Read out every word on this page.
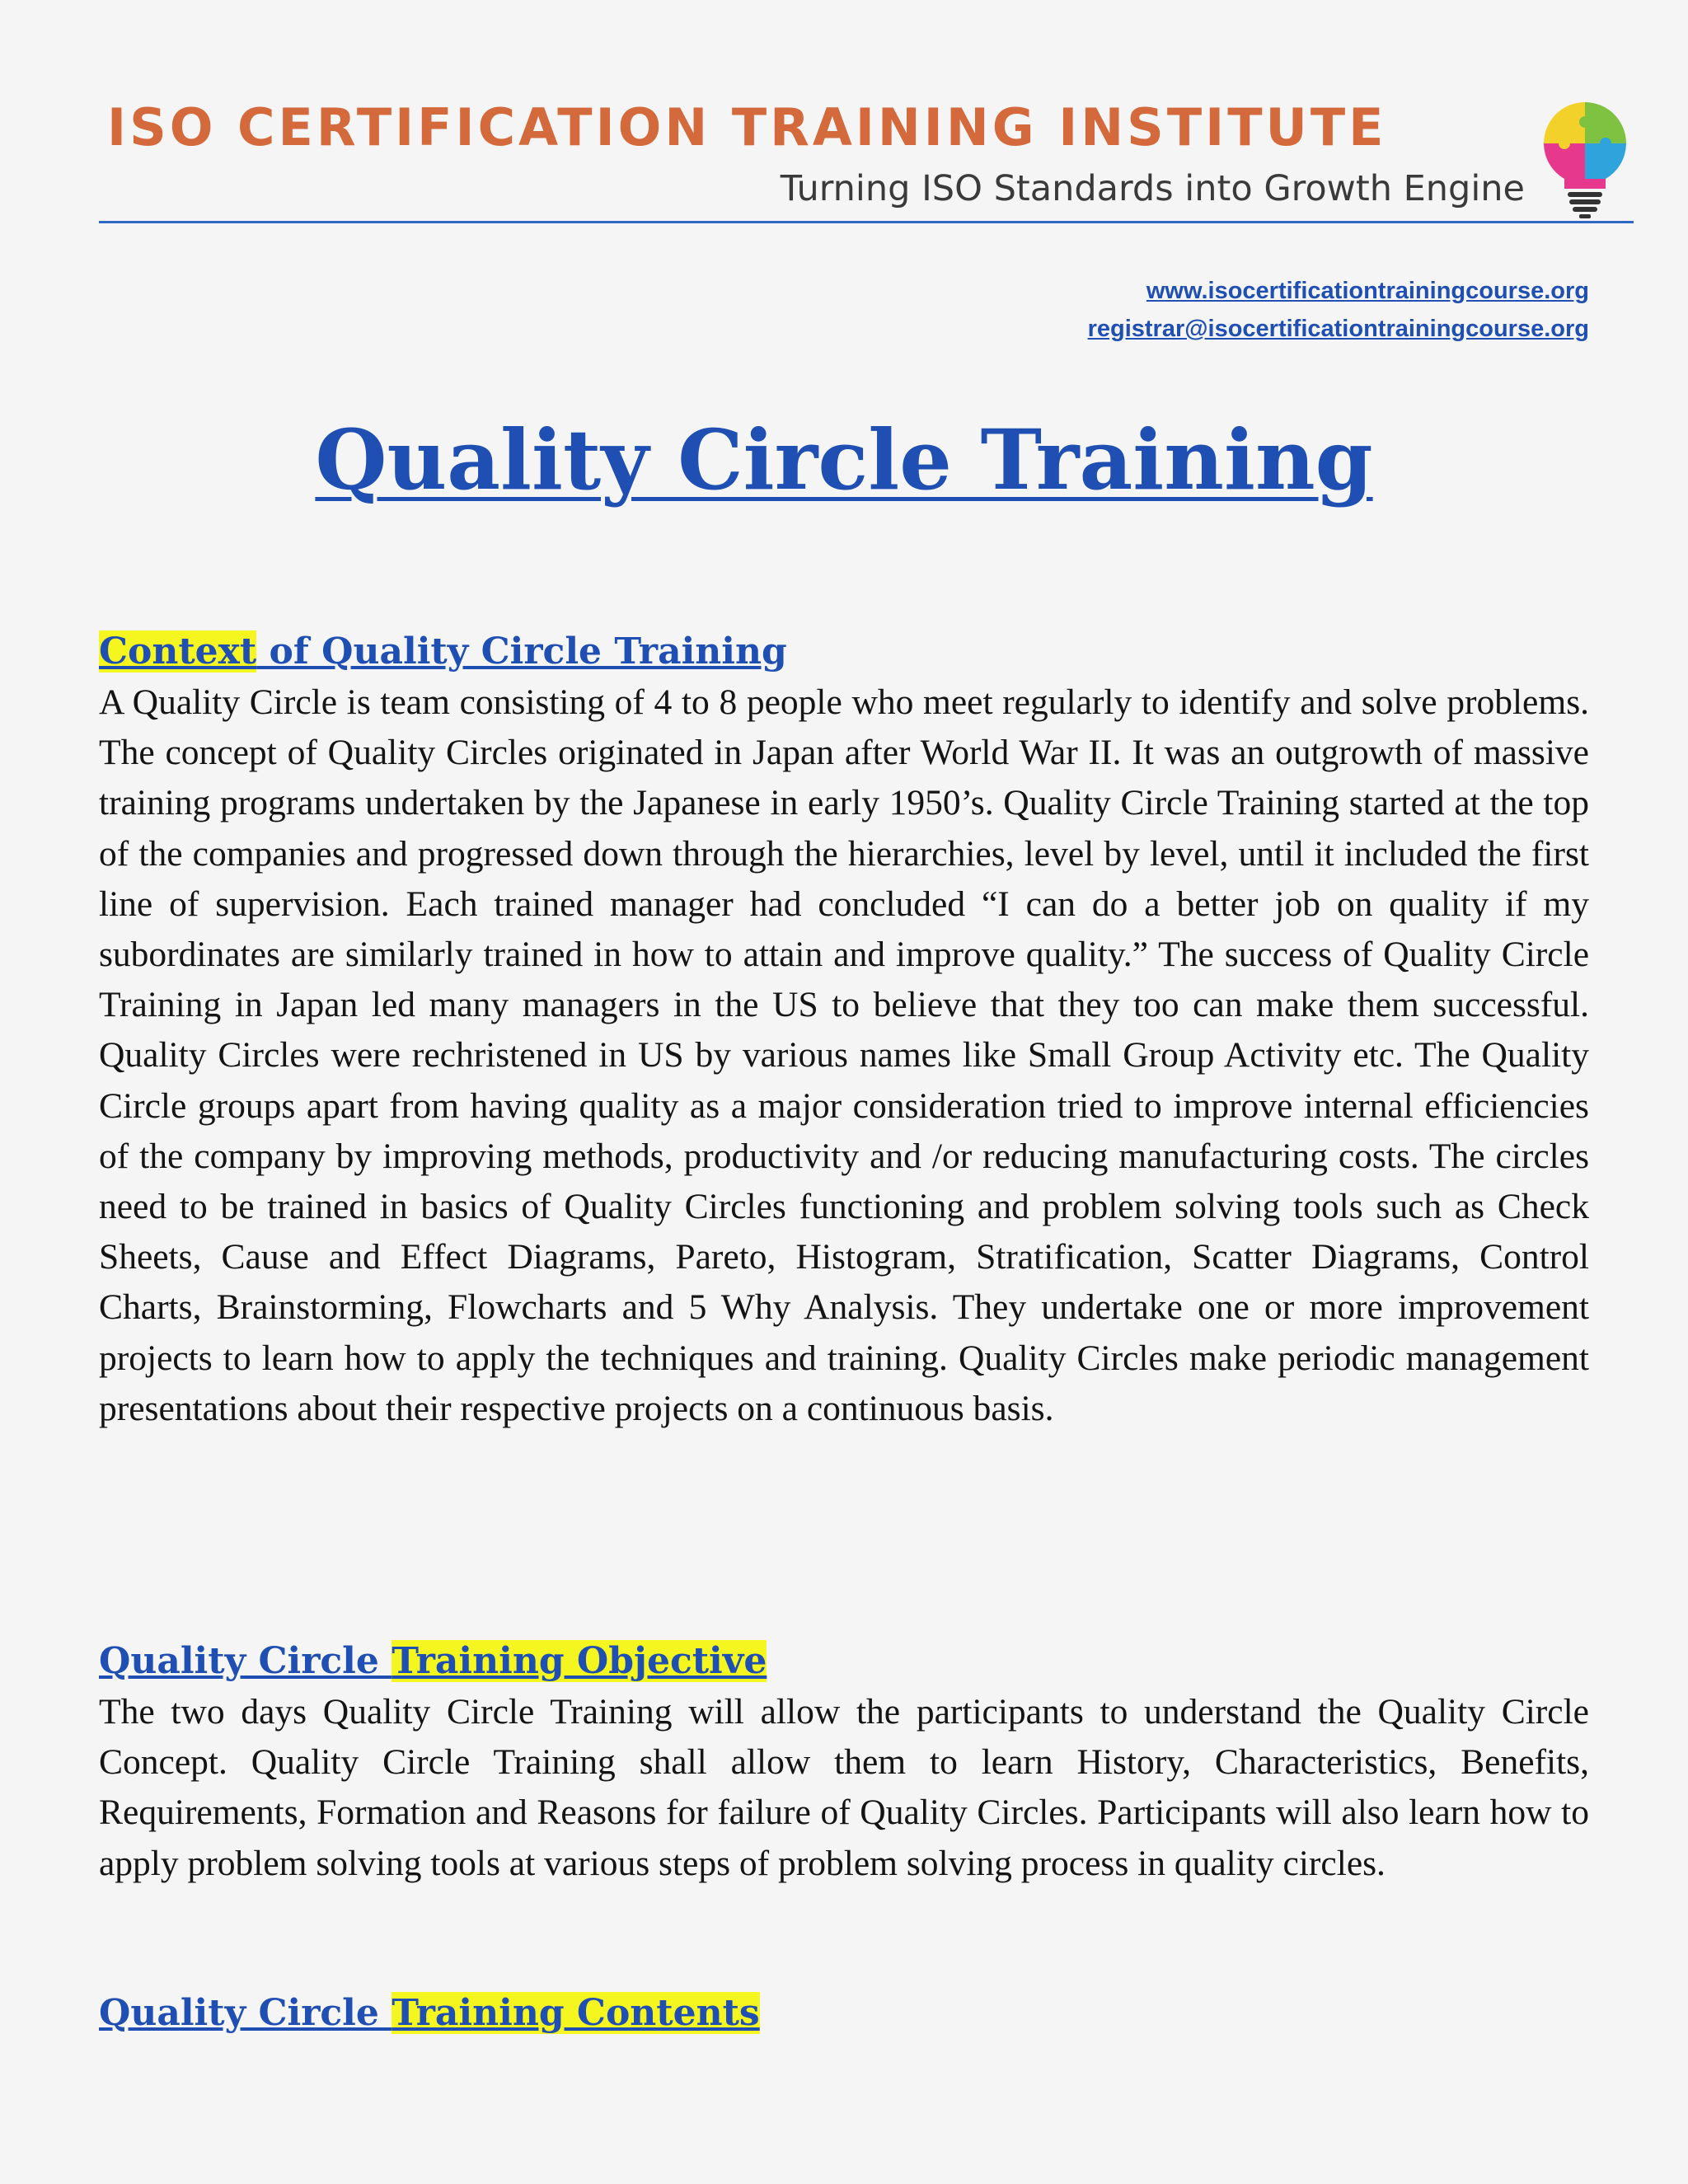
ISO CERTIFICATION TRAINING INSTITUTE
Turning ISO Standards into Growth Engine
www.isocertificationtrainingcourse.org
registrar@isocertificationtrainingcourse.org
Quality Circle Training
Context of Quality Circle Training

A Quality Circle is team consisting of 4 to 8 people who meet regularly to identify and solve problems. The concept of Quality Circles originated in Japan after World War II. It was an outgrowth of massive training programs undertaken by the Japanese in early 1950’s. Quality Circle Training started at the top of the companies and progressed down through the hierarchies, level by level, until it included the first line of supervision. Each trained manager had concluded “I can do a better job on quality if my subordinates are similarly trained in how to attain and improve quality.” The success of Quality Circle Training in Japan led many managers in the US to believe that they too can make them successful. Quality Circles were rechristened in US by various names like Small Group Activity etc. The Quality Circle groups apart from having quality as a major consideration tried to improve internal efficiencies of the company by improving methods, productivity and /or reducing manufacturing costs. The circles need to be trained in basics of Quality Circles functioning and problem solving tools such as Check Sheets, Cause and Effect Diagrams, Pareto, Histogram, Stratification, Scatter Diagrams, Control Charts, Brainstorming, Flowcharts and 5 Why Analysis. They undertake one or more improvement projects to learn how to apply the techniques and training. Quality Circles make periodic management presentations about their respective projects on a continuous basis.

Quality Circle Training Objective

The two days Quality Circle Training will allow the participants to understand the Quality Circle Concept. Quality Circle Training shall allow them to learn History, Characteristics, Benefits, Requirements, Formation and Reasons for failure of Quality Circles. Participants will also learn how to apply problem solving tools at various steps of problem solving process in quality circles.

Quality Circle Training Contents
